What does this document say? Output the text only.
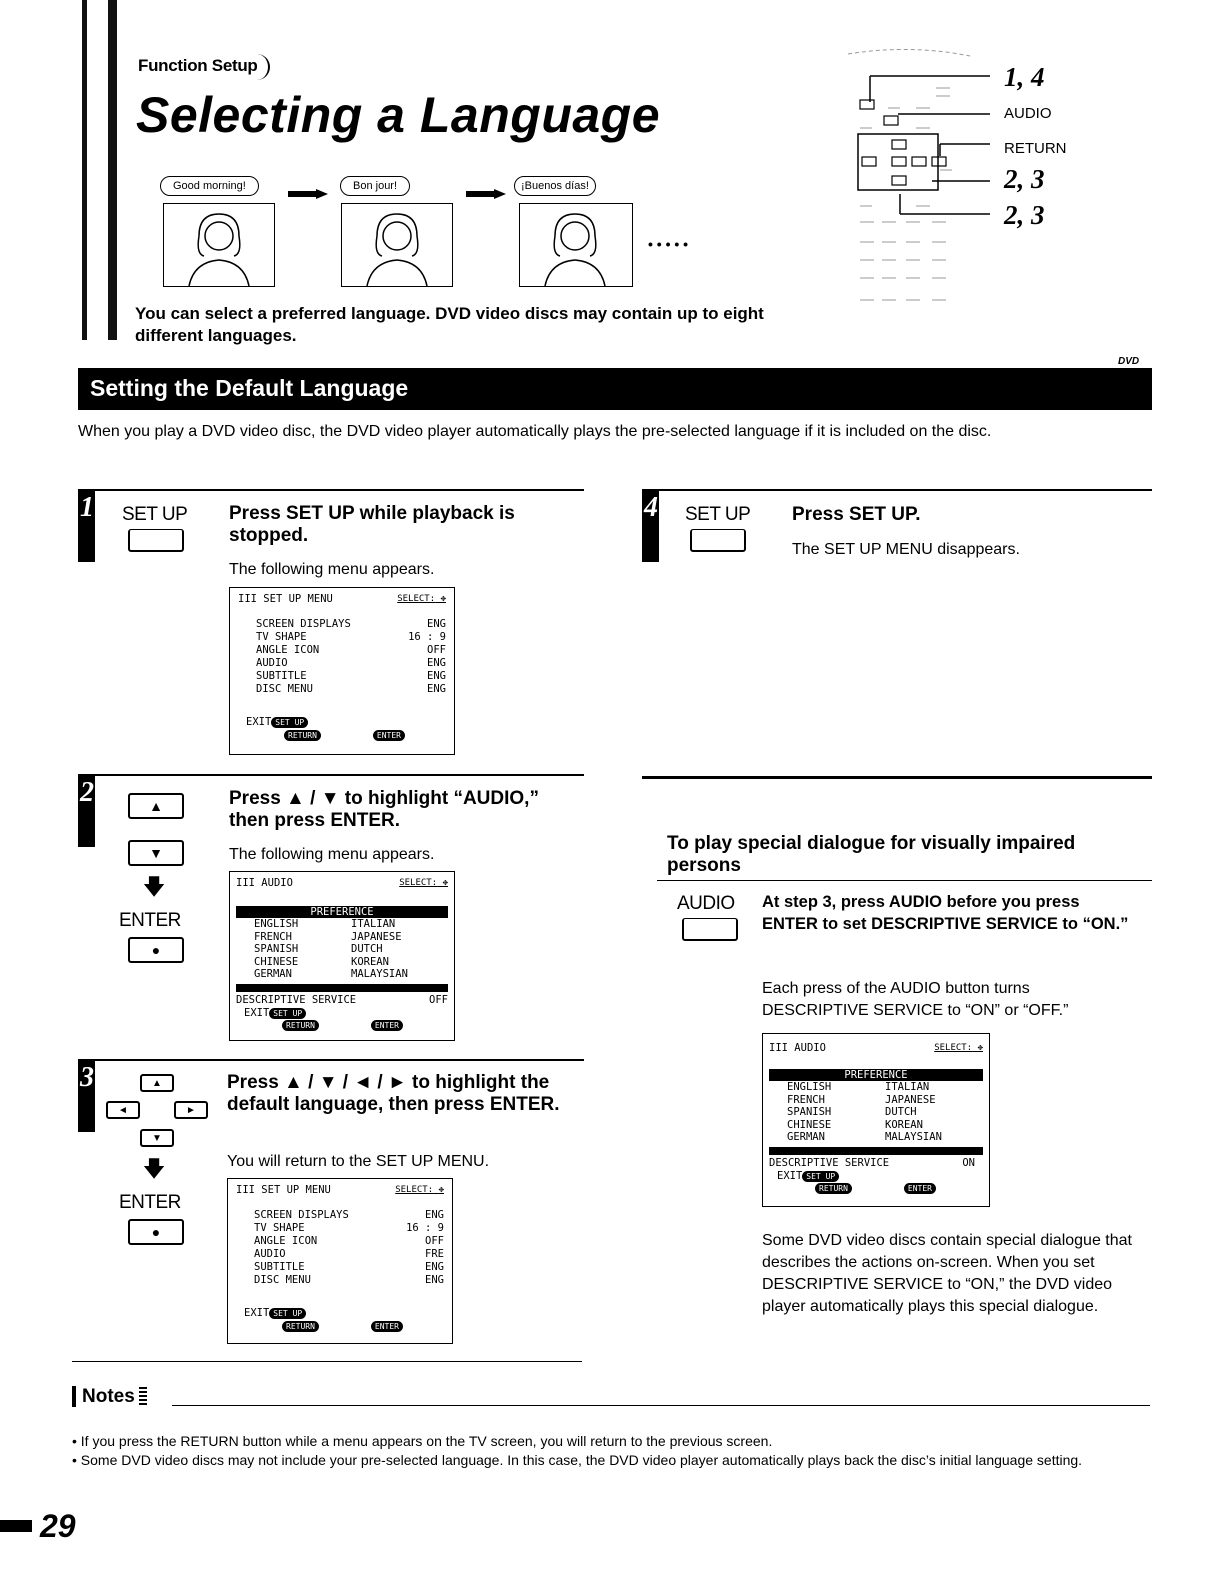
Function Setup
Selecting a Language
Good morning!	Bon jour!	¡Buenos días!
• • • • •
You can select a preferred language. DVD video discs may contain up to eight different languages.
1, 4
AUDIO
RETURN
2, 3
2, 3
DVD
Setting the Default Language
When you play a DVD video disc, the DVD video player automatically plays the pre-selected language if it is included on the disc.
1 SET UP Press SET UP while playback is stopped.
The following menu appears.
III SET UP MENU	SELECT: ✥
SCREEN DISPLAYS	ENG
TV SHAPE	16 : 9
ANGLE ICON	OFF
AUDIO	ENG
SUBTITLE	ENG
DISC MENU	ENG
EXIT SET UP
RETURN	ENTER
2	▲
▼
🡇
ENTER
●
Press ▲ / ▼ to highlight “AUDIO,” then press ENTER.
The following menu appears.
III AUDIO	SELECT: ✥
PREFERENCE
ENGLISH	ITALIAN
FRENCH	JAPANESE
SPANISH	DUTCH
CHINESE	KOREAN
GERMAN	MALAYSIAN
DESCRIPTIVE SERVICE	OFF
EXIT SET UP
RETURN	ENTER
3	▲
◄	►
▼
🡇
ENTER
●
Press ▲ / ▼ / ◄ / ► to highlight the default language, then press ENTER.
You will return to the SET UP MENU.
III SET UP MENU	SELECT: ✥
SCREEN DISPLAYS	ENG
TV SHAPE	16 : 9
ANGLE ICON	OFF
AUDIO	FRE
SUBTITLE	ENG
DISC MENU	ENG
EXIT SET UP
RETURN	ENTER
4 SET UP Press SET UP.
The SET UP MENU disappears.
To play special dialogue for visually impaired persons
AUDIO At step 3, press AUDIO before you press ENTER to set DESCRIPTIVE SERVICE to “ON.”
Each press of the AUDIO button turns DESCRIPTIVE SERVICE to “ON” or “OFF.”
III AUDIO	SELECT: ✥
PREFERENCE
ENGLISH	ITALIAN
FRENCH	JAPANESE
SPANISH	DUTCH
CHINESE	KOREAN
GERMAN	MALAYSIAN
DESCRIPTIVE SERVICE	ON
EXIT SET UP
RETURN	ENTER
Some DVD video discs contain special dialogue that describes the actions on-screen. When you set DESCRIPTIVE SERVICE to “ON,” the DVD video player automatically plays this special dialogue.
Notes
• If you press the RETURN button while a menu appears on the TV screen, you will return to the previous screen.
• Some DVD video discs may not include your pre-selected language. In this case, the DVD video player automatically plays back the disc’s initial language setting.
29
